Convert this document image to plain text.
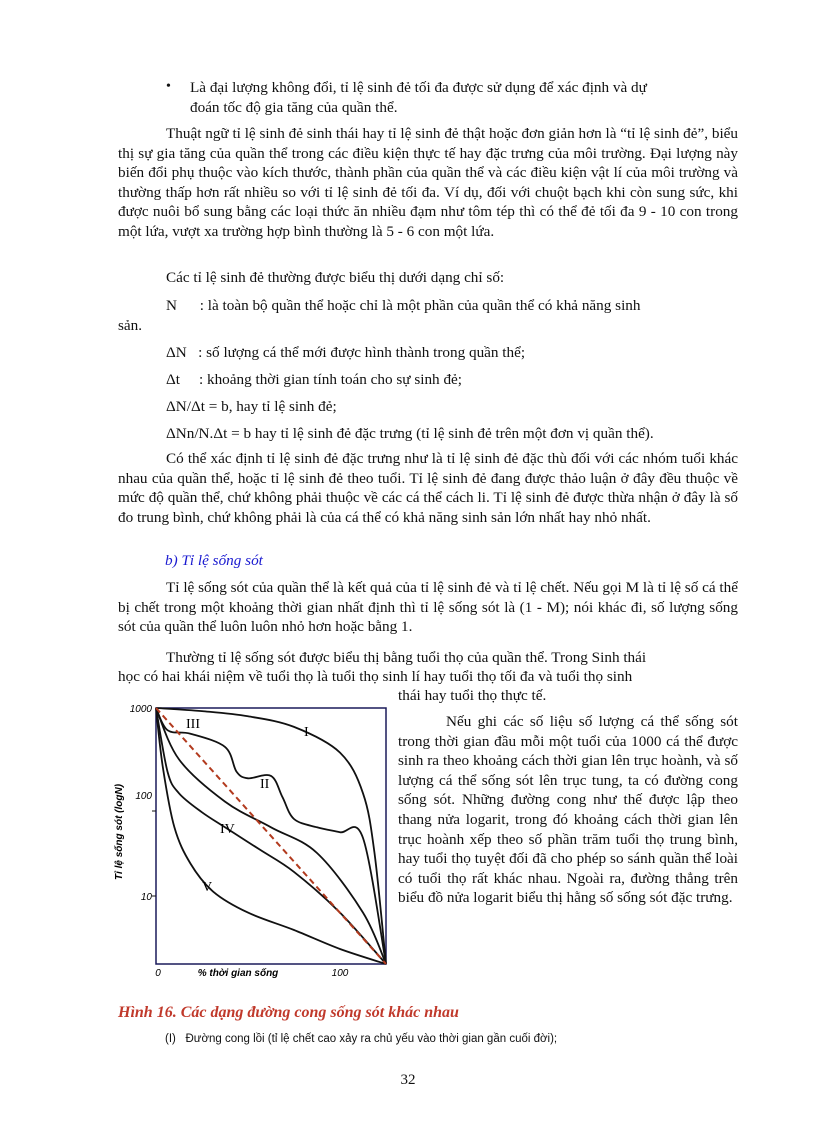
• Là đại lượng không đổi, tỉ lệ sinh đẻ tối đa được sử dụng để xác định và dự
đoán tốc độ gia tăng của quần thể.
Thuật ngữ tỉ lệ sinh đẻ sinh thái hay tỉ lệ sinh đẻ thật hoặc đơn giản hơn là “tỉ lệ sinh đẻ”, biểu thị sự gia tăng của quần thể trong các điều kiện thực tế hay đặc trưng của môi trường. Đại lượng này biến đổi phụ thuộc vào kích thước, thành phần của quần thể và các điều kiện vật lí của môi trường và thường thấp hơn rất nhiều so với tỉ lệ sinh đẻ tối đa. Ví dụ, đối với chuột bạch khi còn sung sức, khi được nuôi bổ sung bằng các loại thức ăn nhiều đạm như tôm tép thì có thể đẻ tối đa 9 - 10 con trong một lứa, vượt xa trường hợp bình thường là 5 - 6 con một lứa.
Các tỉ lệ sinh đẻ thường được biểu thị dưới dạng chỉ số:
N      : là toàn bộ quần thể hoặc chỉ là một phần của quần thể có khả năng sinh
sản.
ΔN   : số lượng cá thể mới được hình thành trong quần thể;
Δt     : khoảng thời gian tính toán cho sự sinh đẻ;
ΔN/Δt = b, hay tỉ lệ sinh đẻ;
ΔNn/N.Δt = b hay tỉ lệ sinh đẻ đặc trưng (tỉ lệ sinh đẻ trên một đơn vị quần thể).
Có thể xác định tỉ lệ sinh đẻ đặc trưng như là tỉ lệ sinh đẻ đặc thù đối với các nhóm tuổi khác nhau của quần thể, hoặc tỉ lệ sinh đẻ theo tuổi. Tỉ lệ sinh đẻ đang được thảo luận ở đây đều thuộc về mức độ quần thể, chứ không phải thuộc về các cá thể cách li. Tỉ lệ sinh đẻ được thừa nhận ở đây là số đo trung bình, chứ không phải là của cá thể có khả năng sinh sản lớn nhất hay nhỏ nhất.
b) Tỉ lệ sống sót
Tỉ lệ sống sót của quần thể là kết quả của tỉ lệ sinh đẻ và tỉ lệ chết. Nếu gọi M là tỉ lệ số cá thể bị chết trong một khoảng thời gian nhất định thì tỉ lệ sống sót là (1 - M); nói khác đi, số lượng sống sót của quần thể luôn luôn nhỏ hơn hoặc bằng 1.
Thường tỉ lệ sống sót được biểu thị bằng tuổi thọ của quần thể. Trong Sinh thái
học có hai khái niệm về tuổi thọ là tuổi thọ sinh lí hay tuổi thọ tối đa và tuổi thọ sinh
thái hay tuổi thọ thực tế.
Nếu ghi các số liệu số lượng cá thể sống sót trong thời gian đầu mỗi một tuổi của 1000 cá thể được sinh ra theo khoảng cách thời gian lên trục hoành, và số lượng cá thể sống sót lên trục tung, ta có đường cong sống sót. Những đường cong như thế được lập theo thang nửa logarit, trong đó khoảng cách thời gian lên trục hoành xếp theo số phần trăm tuổi thọ trung bình, hay tuổi thọ tuyệt đối đã cho phép so sánh quần thể loài có tuổi thọ rất khác nhau. Ngoài ra, đường thẳng trên biểu đồ nửa logarit biểu thị hằng số sống sót đặc trưng.
1000
100
10
0	100
% thời gian sống
Tỉ lệ sống sót (logN)
I
II
III
IV
V
Hình 16. Các dạng đường cong sống sót khác nhau
(I)   Đường cong lồi (tỉ lệ chết cao xảy ra chủ yếu vào thời gian gần cuối đời);
32
